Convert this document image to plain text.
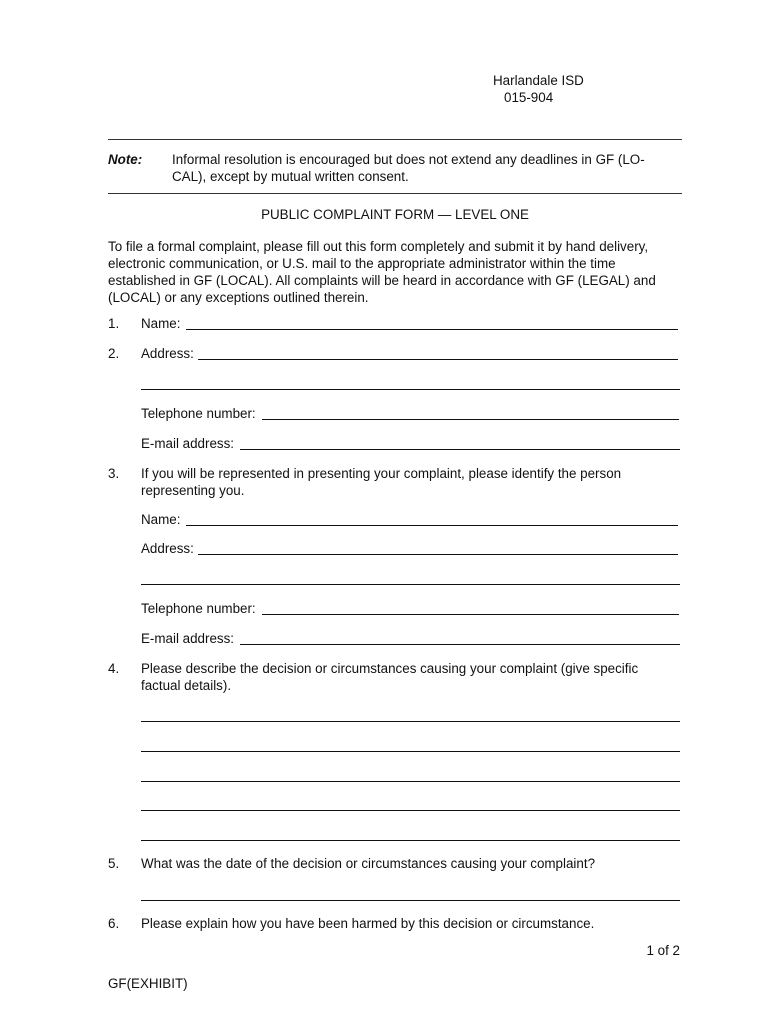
Harlandale ISD
015-904
Note: Informal resolution is encouraged but does not extend any deadlines in GF (LO-
CAL), except by mutual written consent.
PUBLIC COMPLAINT FORM — LEVEL ONE
To file a formal complaint, please fill out this form completely and submit it by hand delivery,
electronic communication, or U.S. mail to the appropriate administrator within the time
established in GF (LOCAL). All complaints will be heard in accordance with GF (LEGAL) and
(LOCAL) or any exceptions outlined therein.
1. Name:
2. Address:
Telephone number:
E-mail address:
3. If you will be represented in presenting your complaint, please identify the person
representing you.
Name:
Address:
Telephone number:
E-mail address:
4. Please describe the decision or circumstances causing your complaint (give specific
factual details).
5. What was the date of the decision or circumstances causing your complaint?
6. Please explain how you have been harmed by this decision or circumstance.
1 of 2
GF(EXHIBIT)
